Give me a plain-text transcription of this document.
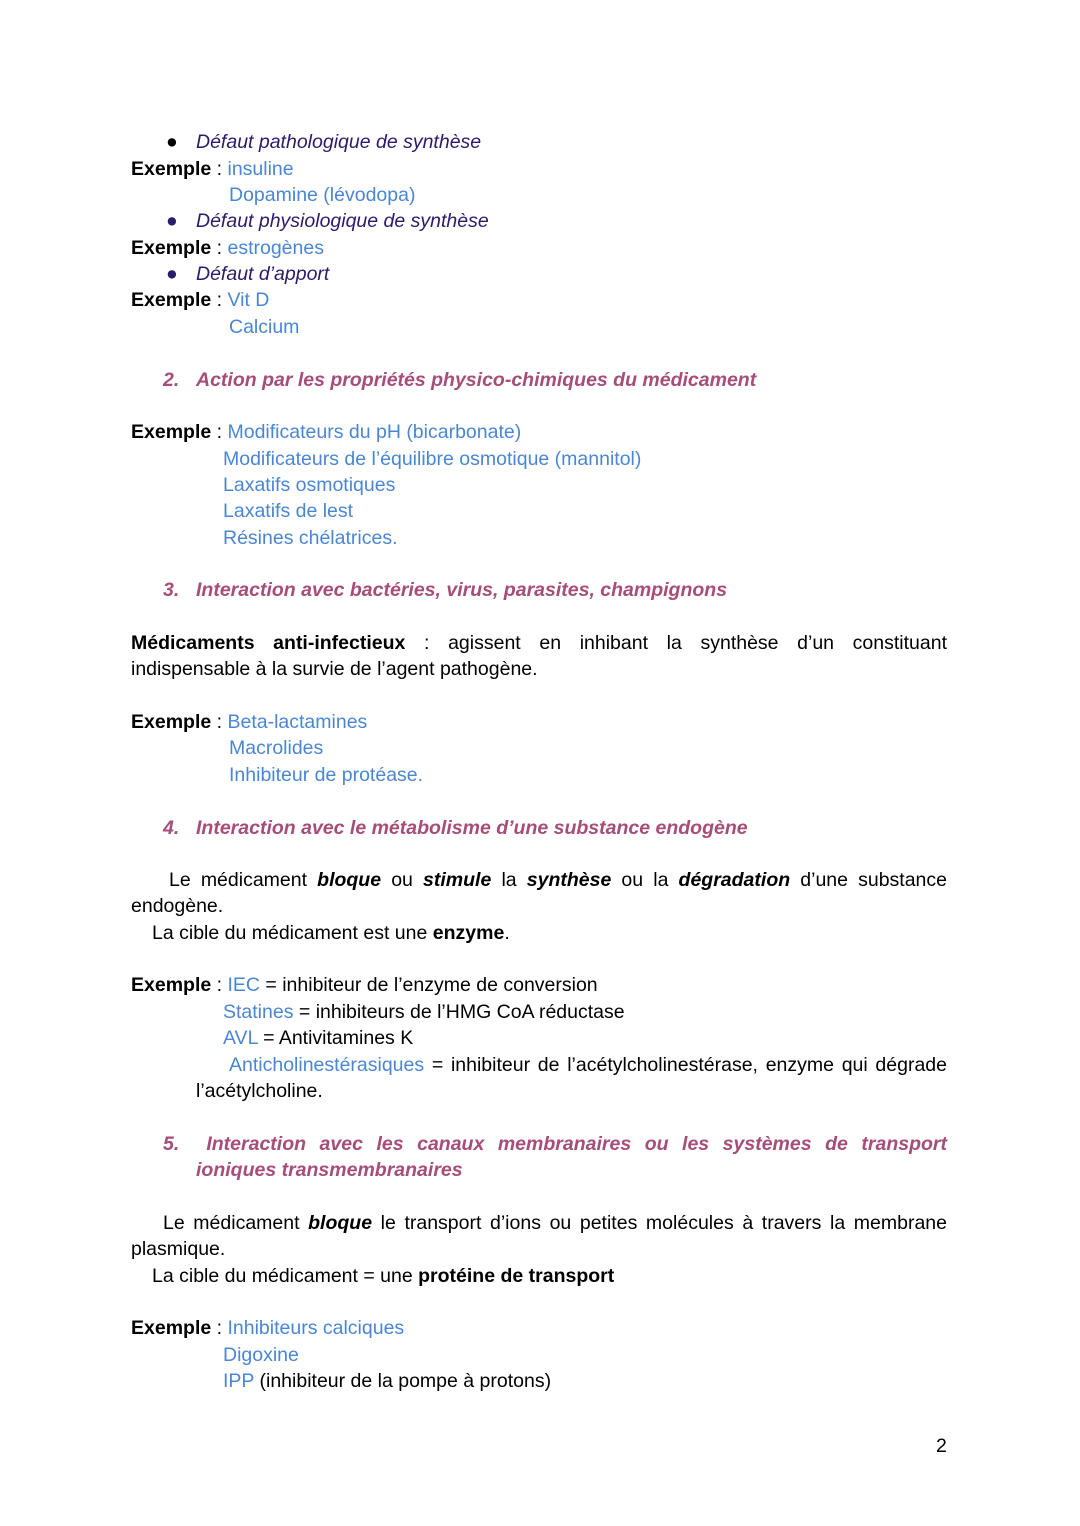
● Défaut pathologique de synthèse
Exemple : insuline
Dopamine (lévodopa)
● Défaut physiologique de synthèse
Exemple : estrogènes
● Défaut d’apport
Exemple : Vit D
Calcium
2. Action par les propriétés physico-chimiques du médicament
Exemple : Modificateurs du pH (bicarbonate)
Modificateurs de l’équilibre osmotique (mannitol)
Laxatifs osmotiques
Laxatifs de lest
Résines chélatrices.
3. Interaction avec bactéries, virus, parasites, champignons
Médicaments anti-infectieux : agissent en inhibant la synthèse d’un constituant
indispensable à la survie de l’agent pathogène.
Exemple : Beta-lactamines
Macrolides
Inhibiteur de protéase.
4. Interaction avec le métabolisme d’une substance endogène
Le médicament bloque ou stimule la synthèse ou la dégradation d’une substance
endogène.
La cible du médicament est une enzyme.
Exemple : IEC = inhibiteur de l’enzyme de conversion
Statines = inhibiteurs de l’HMG CoA réductase
AVL = Antivitamines K
Anticholinestérasiques = inhibiteur de l’acétylcholinestérase, enzyme qui dégrade
l’acétylcholine.
5. Interaction avec les canaux membranaires ou les systèmes de transport
ioniques transmembranaires
Le médicament bloque le transport d’ions ou petites molécules à travers la membrane
plasmique.
La cible du médicament = une protéine de transport
Exemple : Inhibiteurs calciques
Digoxine
IPP (inhibiteur de la pompe à protons)
2
